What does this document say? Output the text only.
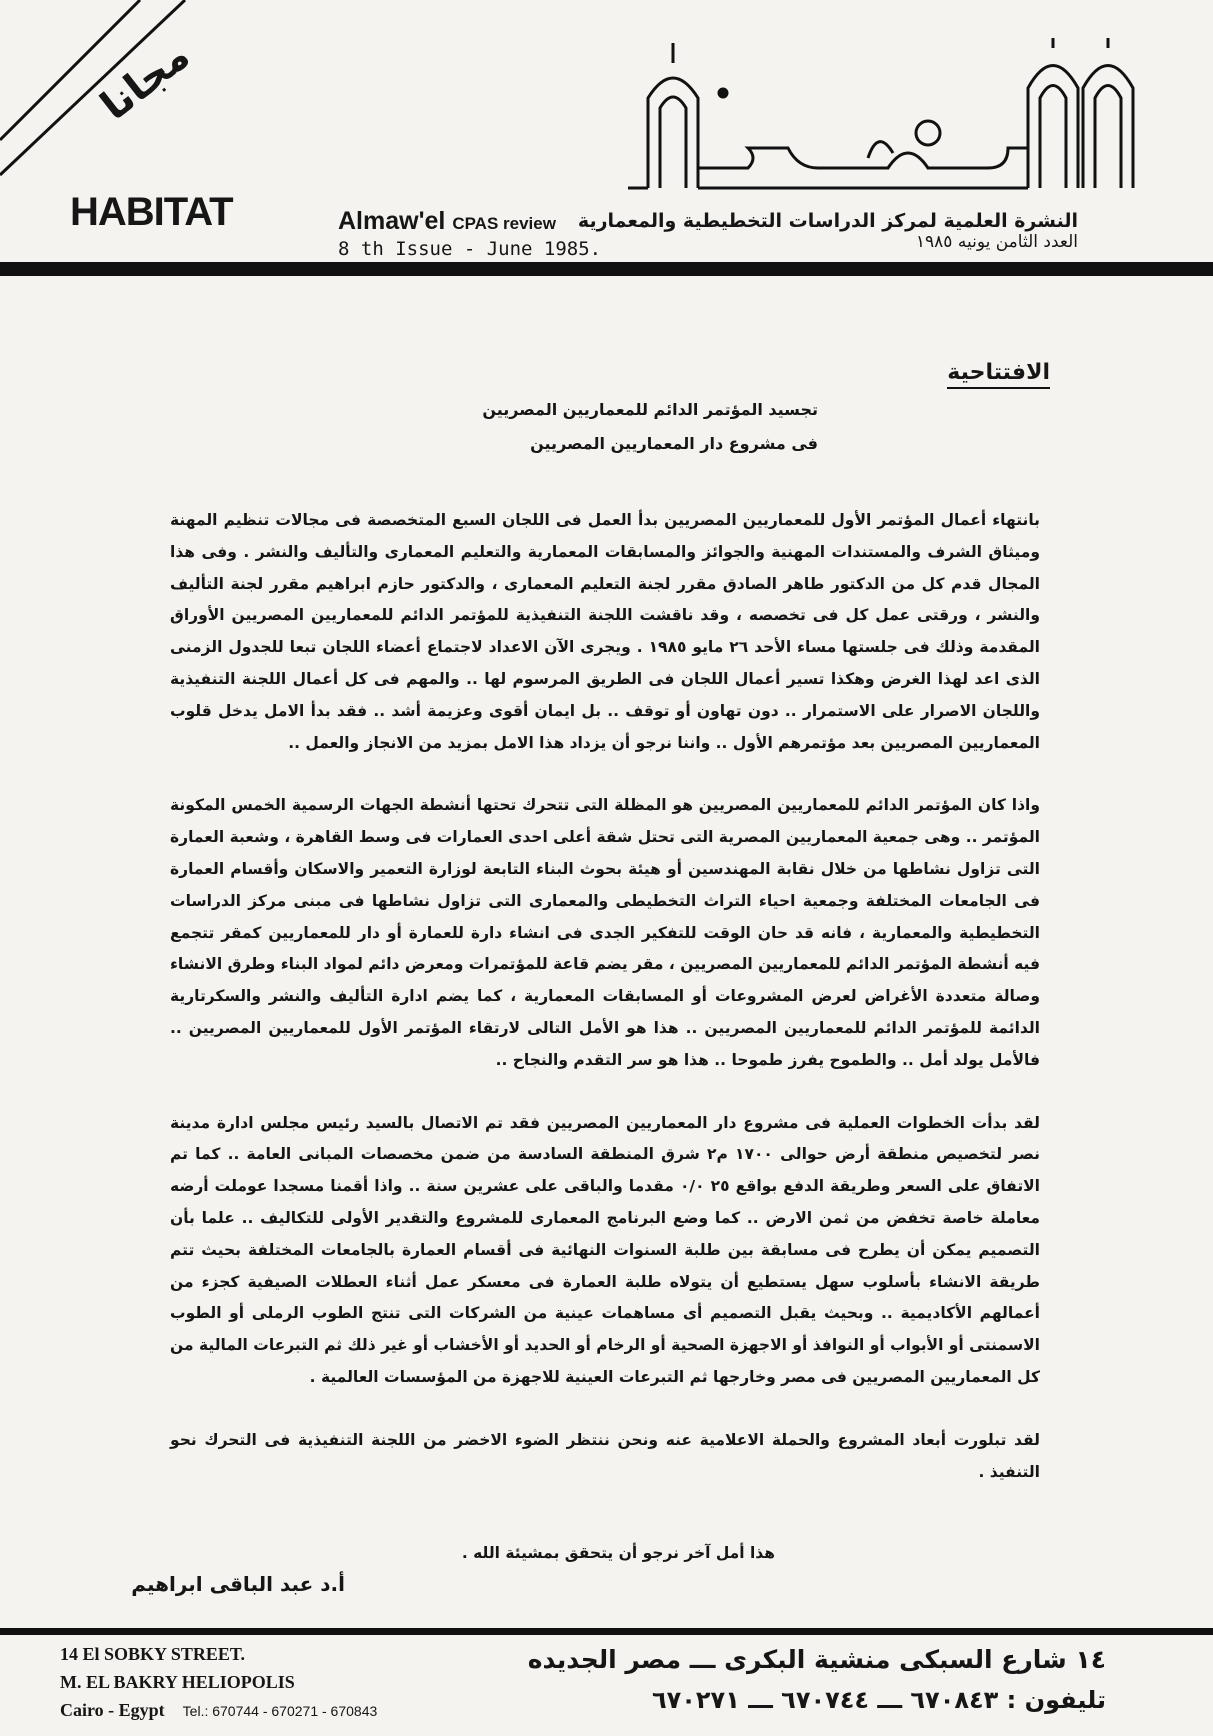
مجانا
HABITAT	Almaw'el CPAS review
8 th Issue - June 1985.
النشرة العلمية لمركز الدراسات التخطيطية والمعمارية
العدد الثامن يونيه ١٩٨٥
الافتتاحية
تجسيد المؤتمر الدائم للمعماريين المصريين
فى مشروع دار المعماريين المصريين

بانتهاء أعمال المؤتمر الأول للمعماريين المصريين بدأ العمل فى اللجان السبع المتخصصة فى مجالات تنظيم المهنة وميثاق الشرف والمستندات المهنية والجوائز والمسابقات المعمارية والتعليم المعمارى والتأليف والنشر . وفى هذا المجال قدم كل من الدكتور طاهر الصادق مقرر لجنة التعليم المعمارى ، والدكتور حازم ابراهيم مقرر لجنة التأليف والنشر ، ورقتى عمل كل فى تخصصه ، وقد ناقشت اللجنة التنفيذية للمؤتمر الدائم للمعماريين المصريين الأوراق المقدمة وذلك فى جلستها مساء الأحد ٢٦ مايو ١٩٨٥ . ويجرى الآن الاعداد لاجتماع أعضاء اللجان تبعا للجدول الزمنى الذى اعد لهذا الغرض وهكذا تسير أعمال اللجان فى الطريق المرسوم لها .. والمهم فى كل أعمال اللجنة التنفيذية واللجان الاصرار على الاستمرار .. دون تهاون أو توقف .. بل ايمان أقوى وعزيمة أشد .. فقد بدأ الامل يدخل قلوب المعماريين المصريين بعد مؤتمرهم الأول .. واننا نرجو أن يزداد هذا الامل بمزيد من الانجاز والعمل ..

واذا كان المؤتمر الدائم للمعماريين المصريين هو المظلة التى تتحرك تحتها أنشطة الجهات الرسمية الخمس المكونة المؤتمر .. وهى جمعية المعماريين المصرية التى تحتل شقة أعلى احدى العمارات فى وسط القاهرة ، وشعبة العمارة التى تزاول نشاطها من خلال نقابة المهندسين أو هيئة بحوث البناء التابعة لوزارة التعمير والاسكان وأقسام العمارة فى الجامعات المختلفة وجمعية احياء التراث التخطيطى والمعمارى التى تزاول نشاطها فى مبنى مركز الدراسات التخطيطية والمعمارية ، فانه قد حان الوقت للتفكير الجدى فى انشاء دارة للعمارة أو دار للمعماريين كمقر تتجمع فيه أنشطة المؤتمر الدائم للمعماريين المصريين ، مقر يضم قاعة للمؤتمرات ومعرض دائم لمواد البناء وطرق الانشاء وصالة متعددة الأغراض لعرض المشروعات أو المسابقات المعمارية ، كما يضم ادارة التأليف والنشر والسكرتارية الدائمة للمؤتمر الدائم للمعماريين المصريين .. هذا هو الأمل التالى لارتقاء المؤتمر الأول للمعماريين المصريين .. فالأمل يولد أمل .. والطموح يفرز طموحا .. هذا هو سر التقدم والنجاح ..

لقد بدأت الخطوات العملية فى مشروع دار المعماريين المصريين فقد تم الاتصال بالسيد رئيس مجلس ادارة مدينة نصر لتخصيص منطقة أرض حوالى ١٧٠٠ م٢ شرق المنطقة السادسة من ضمن مخصصات المبانى العامة .. كما تم الاتفاق على السعر وطريقة الدفع بواقع ٢٥ ٠/٠ مقدما والباقى على عشرين سنة .. واذا أقمنا مسجدا عوملت أرضه معاملة خاصة تخفض من ثمن الارض .. كما وضع البرنامج المعمارى للمشروع والتقدير الأولى للتكاليف .. علما بأن التصميم يمكن أن يطرح فى مسابقة بين طلبة السنوات النهائية فى أقسام العمارة بالجامعات المختلفة بحيث تتم طريقة الانشاء بأسلوب سهل يستطيع أن يتولاه طلبة العمارة فى معسكر عمل أثناء العطلات الصيفية كجزء من أعمالهم الأكاديمية .. وبحيث يقبل التصميم أى مساهمات عينية من الشركات التى تنتج الطوب الرملى أو الطوب الاسمنتى أو الأبواب أو النوافذ أو الاجهزة الصحية أو الرخام أو الحديد أو الأخشاب أو غير ذلك ثم التبرعات المالية من كل المعماريين المصريين فى مصر وخارجها ثم التبرعات العينية للاجهزة من المؤسسات العالمية .

لقد تبلورت أبعاد المشروع والحملة الاعلامية عنه ونحن ننتظر الضوء الاخضر من اللجنة التنفيذية فى التحرك نحو التنفيذ .

هذا أمل آخر نرجو أن يتحقق بمشيئة الله .
أ.د عبد الباقى ابراهيم
14 El SOBKY STREET.
M. EL BAKRY HELIOPOLIS
Cairo - Egypt Tel.: 670744 - 670271 - 670843
١٤ شارع السبكى منشية البكرى ـــ مصر الجديده
تليفون : ٦٧٠٨٤٣ ـــ ٦٧٠٧٤٤ ـــ ٦٧٠٢٧١
